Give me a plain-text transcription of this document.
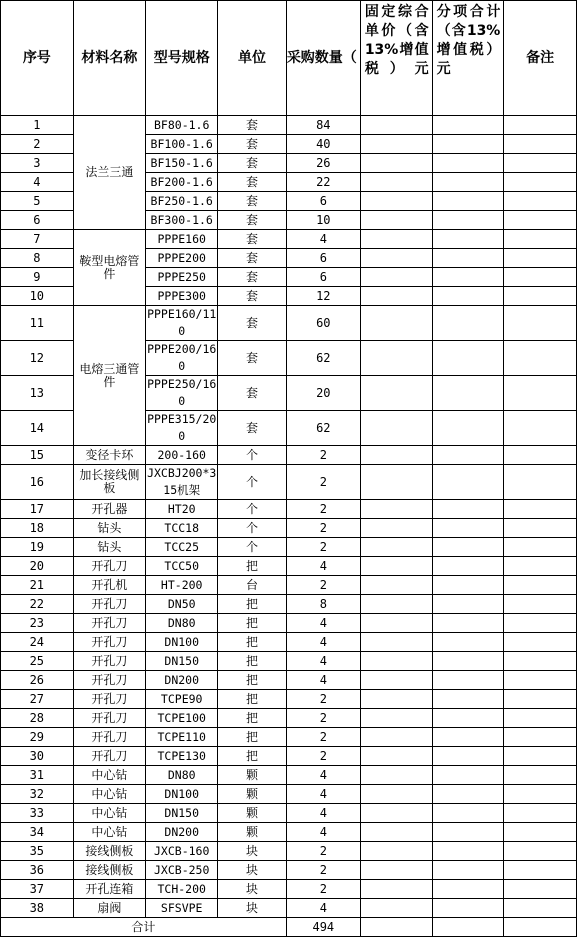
序号	材料名称	型号规格	单位	采购数量（	固定综合单价（含13%增值税）元	分项合计（含13%增值税）元	备注
1	法兰三通	BF80-1.6	套	84			
2		BF100-1.6	套	40			
3		BF150-1.6	套	26			
4		BF200-1.6	套	22			
5		BF250-1.6	套	6			
6		BF300-1.6	套	10			
7	鞍型电熔管件	PPPE160	套	4			
8		PPPE200	套	6			
9		PPPE250	套	6			
10		PPPE300	套	12			
11	电熔三通管件	PPPE160/110	套	60			
12		PPPE200/160	套	62			
13		PPPE250/160	套	20			
14		PPPE315/200	套	62			
15	变径卡环	200-160	个	2			
16	加长接线侧板	JXCBJ200*315机架	个	2			
17	开孔器	HT20	个	2			
18	钻头	TCC18	个	2			
19	钻头	TCC25	个	2			
20	开孔刀	TCC50	把	4			
21	开孔机	HT-200	台	2			
22	开孔刀	DN50	把	8			
23	开孔刀	DN80	把	4			
24	开孔刀	DN100	把	4			
25	开孔刀	DN150	把	4			
26	开孔刀	DN200	把	4			
27	开孔刀	TCPE90	把	2			
28	开孔刀	TCPE100	把	2			
29	开孔刀	TCPE110	把	2			
30	开孔刀	TCPE130	把	2			
31	中心钻	DN80	颗	4			
32	中心钻	DN100	颗	4			
33	中心钻	DN150	颗	4			
34	中心钻	DN200	颗	4			
35	接线侧板	JXCB-160	块	2			
36	接线侧板	JXCB-250	块	2			
37	开孔连箱	TCH-200	块	2			
38	扇阀	SFSVPE	块	4			
合计				494			
